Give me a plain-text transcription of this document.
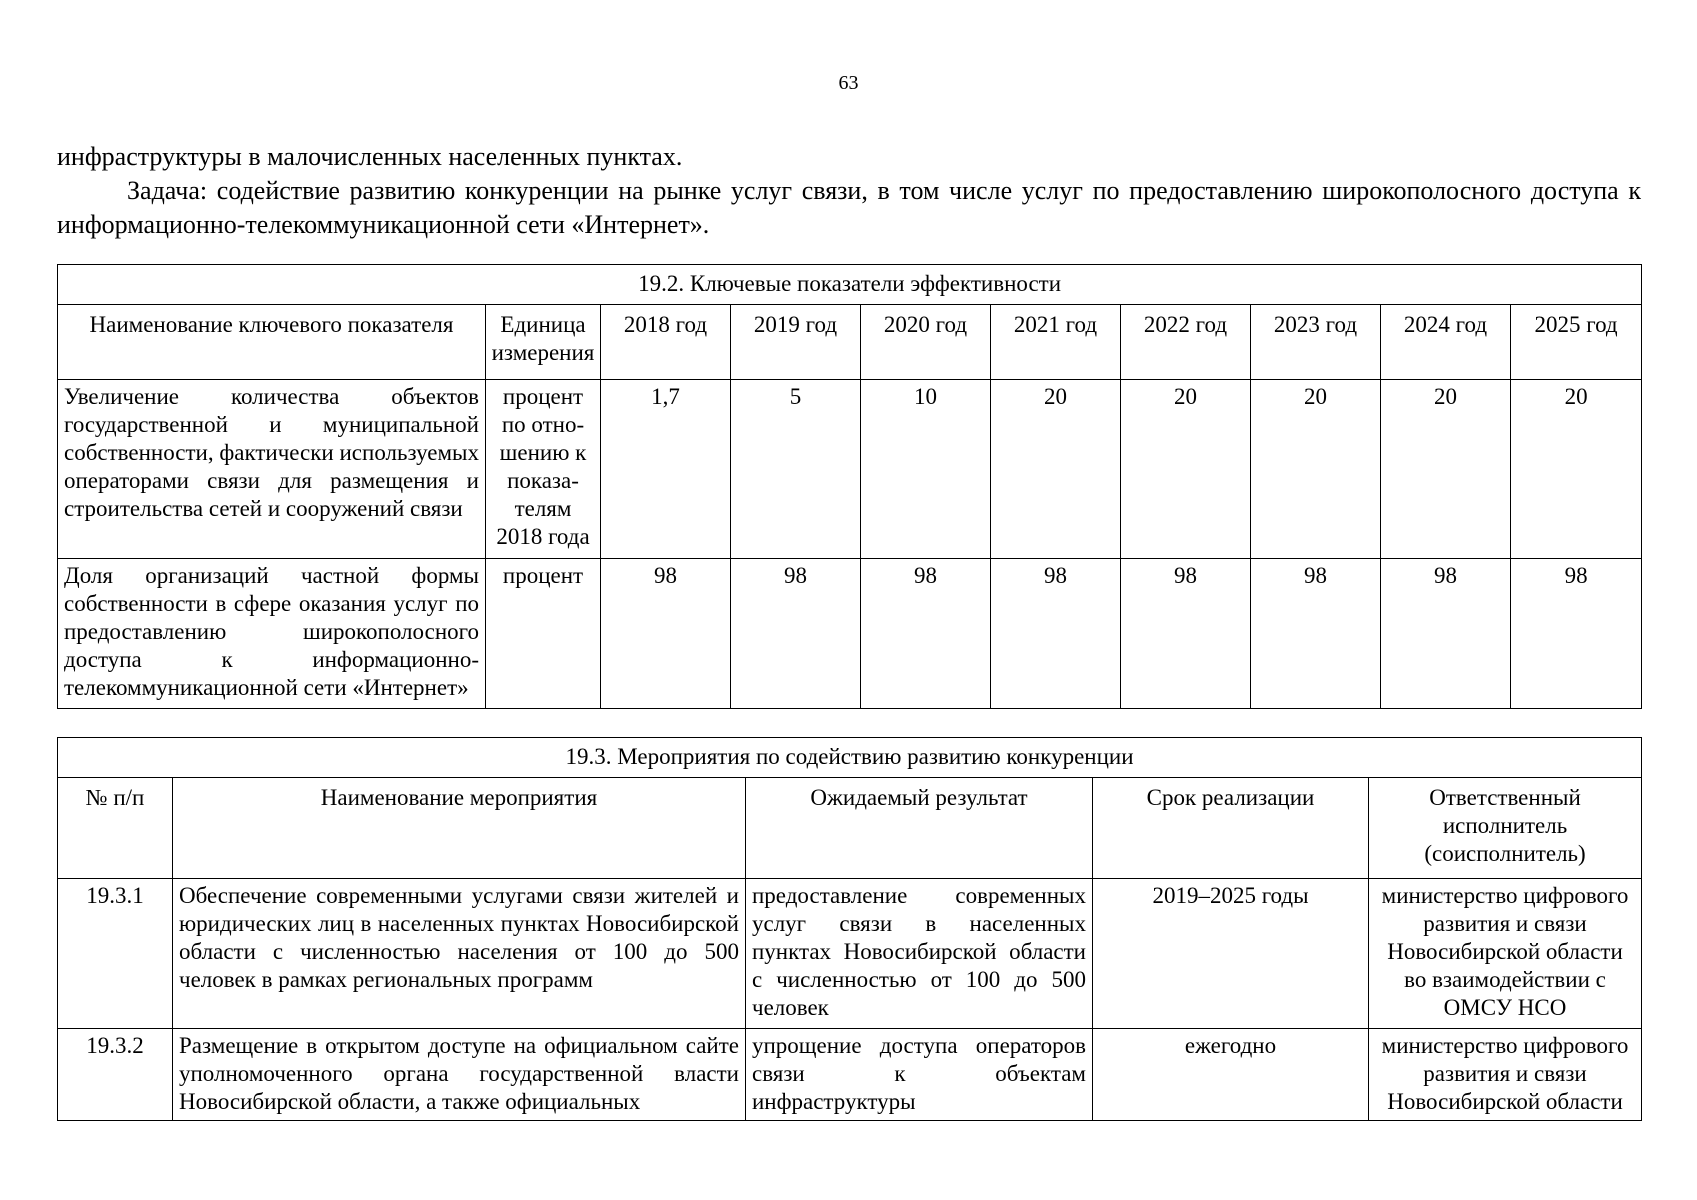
63

инфраструктуры в малочисленных населенных пунктах.

Задача: содействие развитию конкуренции на рынке услуг связи, в том числе услуг по предоставлению широкополосного доступа к информационно-телекоммуникационной сети «Интернет».

19.2. Ключевые показатели эффективности									
Наименование ключевого показателя	Единица измерения	2018 год	2019 год	2020 год	2021 год	2022 год	2023 год	2024 год	2025 год
Увеличение количества объектов государственной и муниципальной собственности, фактически используемых операторами связи для размещения и строительства сетей и сооружений связи	процент по отно-шению к показа-телям 2018 года	1,7	5	10	20	20	20	20	20
Доля организаций частной формы собственности в сфере оказания услуг по предоставлению широкополосного доступа к информационно-телекоммуникационной сети «Интернет»	процент	98	98	98	98	98	98	98	98
19.3. Мероприятия по содействию развитию конкуренции				
№ п/п	Наименование мероприятия	Ожидаемый результат	Срок реализации	Ответственный исполнитель (соисполнитель)
19.3.1	Обеспечение современными услугами связи жителей и юридических лиц в населенных пунктах Новосибирской области с численностью населения от 100 до 500 человек в рамках региональных программ	предоставление современных услуг связи в населенных пунктах Новосибирской области с численностью от 100 до 500 человек	2019–2025 годы	министерство цифрового развития и связи Новосибирской области во взаимодействии с ОМСУ НСО
19.3.2	Размещение в открытом доступе на официальном сайте уполномоченного органа государственной власти Новосибирской области, а также официальных	упрощение доступа операторов связи к объектам инфраструктуры	ежегодно	министерство цифрового развития и связи Новосибирской области
